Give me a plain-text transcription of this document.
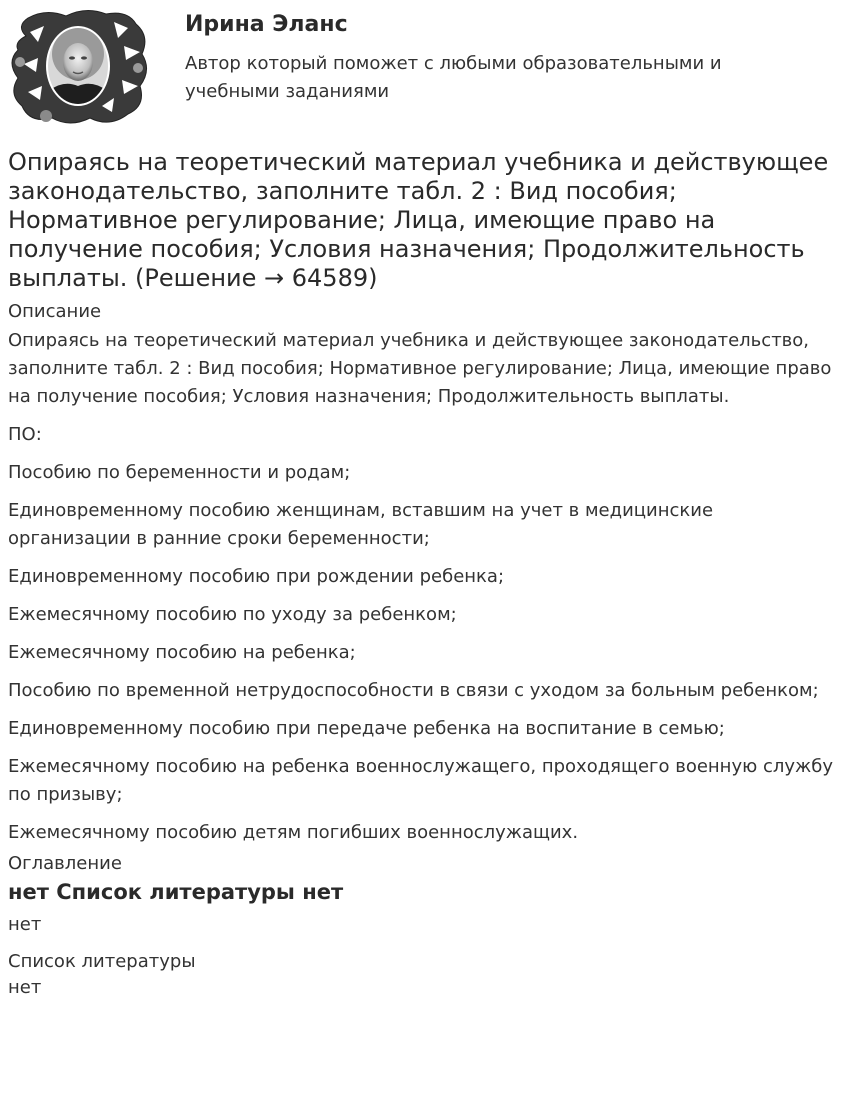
Ирина Эланс

Автор который поможет с любыми образовательными и учебными заданиями

Опираясь на теоретический материал учебника и действующее законодательство, заполните табл. 2 : Вид пособия; Нормативное регулирование; Лица, имеющие право на получение пособия; Условия назначения; Продолжительность выплаты. (Решение → 64589)

Описание

Опираясь на теоретический материал учебника и действующее законодательство, заполните табл. 2 : Вид пособия; Нормативное регулирование; Лица, имеющие право на получение пособия; Условия назначения; Продолжительность выплаты.

ПО:

Пособию по беременности и родам;

Единовременному пособию женщинам, вставшим на учет в медицинские организации в ранние сроки беременности;

Единовременному пособию при рождении ребенка;

Ежемесячному пособию по уходу за ребенком;

Ежемесячному пособию на ребенка;

Пособию по временной нетрудоспособности в связи с уходом за больным ребенком;

Единовременному пособию при передаче ребенка на воспитание в семью;

Ежемесячному пособию на ребенка военнослужащего, проходящего военную службу по призыву;

Ежемесячному пособию детям погибших военнослужащих.

Оглавление

нет Список литературы нет

нет

Список литературы

нет
